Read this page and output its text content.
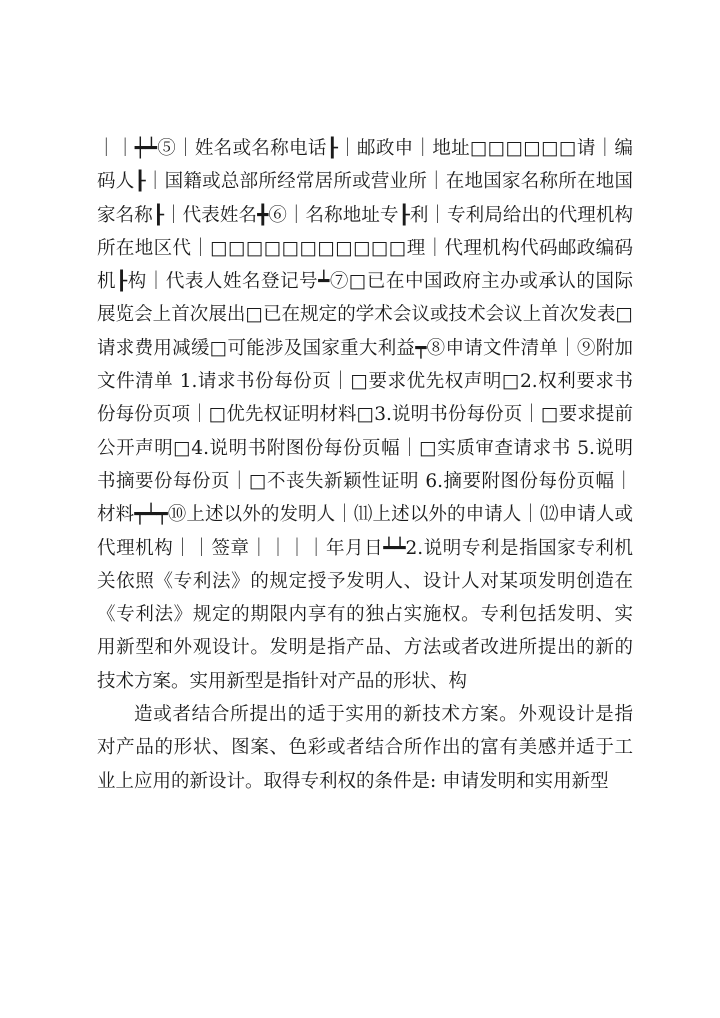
｜｜┿┷⑤｜姓名或名称电话┠｜邮政申｜地址□□□□□□请｜编码人┠｜国籍或总部所经常居所或营业所｜在地国家名称所在地国家名称┠｜代表姓名╋⑥｜名称地址专┠利｜专利局给出的代理机构所在地区代｜□□□□□□□□□□□理｜代理机构代码邮政编码机┠构｜代表人姓名登记号┷⑦□已在中国政府主办或承认的国际展览会上首次展出□已在规定的学术会议或技术会议上首次发表□请求费用减缓□可能涉及国家重大利益┯⑧申请文件清单｜⑨附加文件清单 1.请求书份每份页｜□要求优先权声明□2.权利要求书份每份页项｜□优先权证明材料□3.说明书份每份页｜□要求提前公开声明□4.说明书附图份每份页幅｜□实质审查请求书 5.说明书摘要份每份页｜□不丧失新颖性证明 6.摘要附图份每份页幅｜材料┯┷┯⑩上述以外的发明人｜⑾上述以外的申请人｜⑿申请人或代理机构｜｜签章｜｜｜｜年月日┷┷2.说明专利是指国家专利机关依照《专利法》的规定授予发明人、设计人对某项发明创造在《专利法》规定的期限内享有的独占实施权。专利包括发明、实用新型和外观设计。发明是指产品、方法或者改进所提出的新的技术方案。实用新型是指针对产品的形状、构

造或者结合所提出的适于实用的新技术方案。外观设计是指对产品的形状、图案、色彩或者结合所作出的富有美感并适于工业上应用的新设计。取得专利权的条件是: 申请发明和实用新型
